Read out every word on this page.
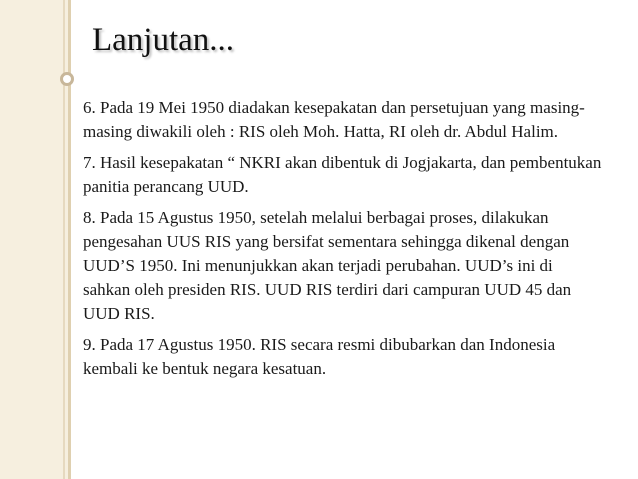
Lanjutan...

6. Pada 19 Mei 1950 diadakan kesepakatan dan persetujuan yang masing-masing diwakili oleh : RIS oleh Moh. Hatta, RI oleh dr. Abdul Halim.

7. Hasil kesepakatan “ NKRI akan dibentuk di Jogjakarta, dan pembentukan panitia perancang UUD.

8. Pada 15 Agustus 1950, setelah melalui berbagai proses, dilakukan pengesahan UUS RIS yang bersifat sementara sehingga dikenal dengan UUD’S 1950. Ini menunjukkan akan terjadi perubahan. UUD’s ini di sahkan oleh presiden RIS. UUD RIS terdiri dari campuran UUD 45 dan UUD RIS.

9. Pada 17 Agustus 1950. RIS secara resmi dibubarkan dan Indonesia kembali ke bentuk negara kesatuan.
